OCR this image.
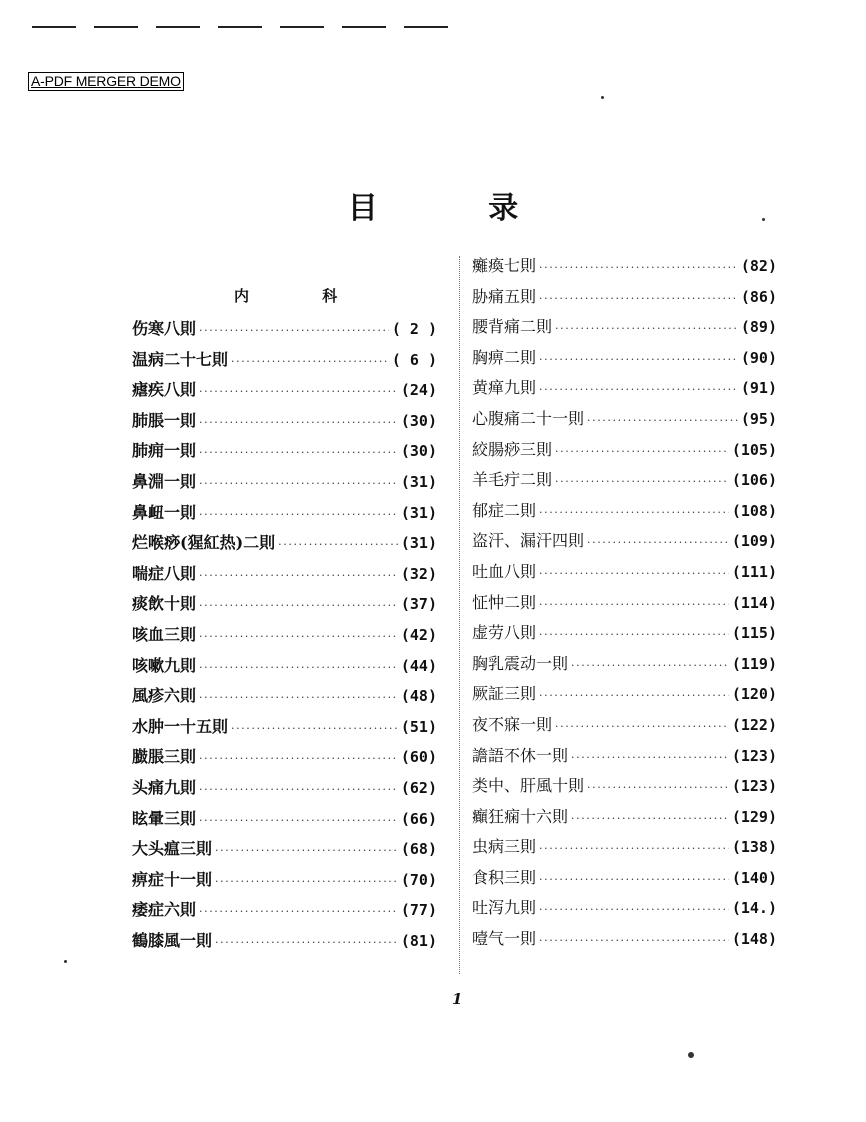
A-PDF MERGER DEMO
目 录
内 科
伤寒八則 ·····	( 2 )
温病二十七則 ·····	( 6 )
瘧疾八則 ·····	(24)
肺脹一則 ·····	(30)
肺痈一則 ·····	(30)
鼻淵一則 ·····	(31)
鼻衄一則 ·····	(31)
烂喉痧(猩紅热)二則 ·····	(31)
喘症八則 ·····	(32)
痰飲十則 ·····	(37)
咳血三則 ·····	(42)
咳嗽九則 ·····	(44)
風疹六則 ·····	(48)
水肿一十五則 ·····	(51)
臌脹三則 ·····	(60)
头痛九則 ·····	(62)
眩暈三則 ·····	(66)
大头瘟三則 ·····	(68)
痹症十一則 ·····	(70)
痿症六則 ·····	(77)
鶴膝風一則 ·····	(81)
癱瘓七則 ·····	(82)
胁痛五則 ·····	(86)
腰背痛二則 ·····	(89)
胸痹二則 ·····	(90)
黄瘅九則 ·····	(91)
心腹痛二十一則 ·····	(95)
絞腸痧三則 ·····	(105)
羊毛疔二則 ·····	(106)
郁症二則 ·····	(108)
盗汗、漏汗四則 ·····	(109)
吐血八則 ·····	(111)
怔忡二則 ·····	(114)
虚劳八則 ·····	(115)
胸乳震动一則 ·····	(119)
厥証三則 ·····	(120)
夜不寐一則 ·····	(122)
譫語不休一則 ·····	(123)
类中、肝風十則 ·····	(123)
癲狂痫十六則 ·····	(129)
虫病三則 ·····	(138)
食积三則 ·····	(140)
吐泻九則 ·····	(14.)
噎气一則 ·····	(148)
1
